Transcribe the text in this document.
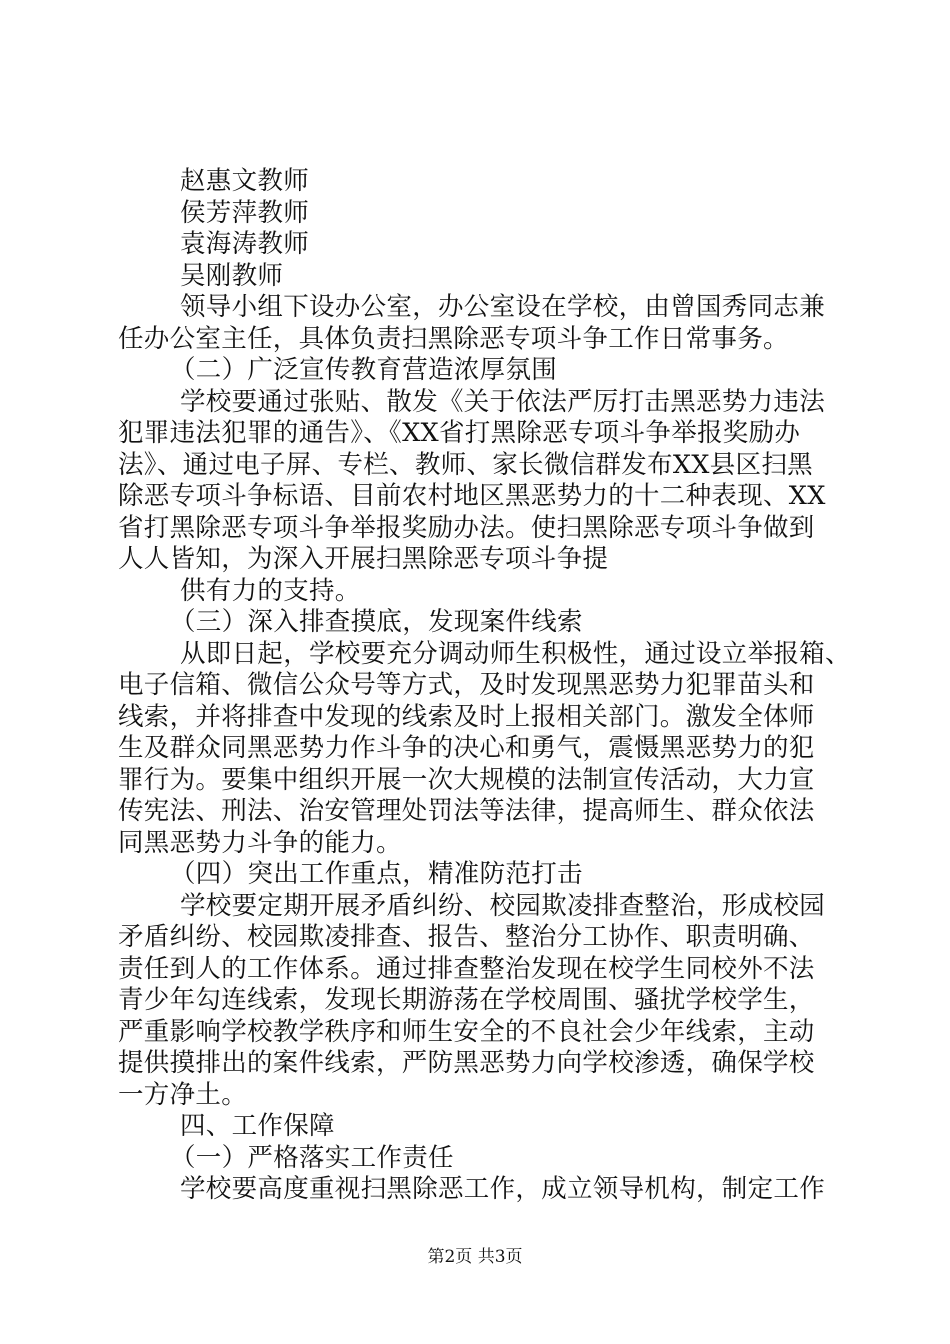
赵惠文教师
侯芳萍教师
袁海涛教师
吴刚教师
领导小组下设办公室，办公室设在学校，由曾国秀同志兼
任办公室主任，具体负责扫黑除恶专项斗争工作日常事务。
（二）广泛宣传教育营造浓厚氛围
学校要通过张贴、散发《关于依法严厉打击黑恶势力违法
犯罪违法犯罪的通告》、《XX省打黑除恶专项斗争举报奖励办
法》、通过电子屏、专栏、教师、家长微信群发布XX县区扫黑
除恶专项斗争标语、目前农村地区黑恶势力的十二种表现、XX
省打黑除恶专项斗争举报奖励办法。使扫黑除恶专项斗争做到
人人皆知，为深入开展扫黑除恶专项斗争提
供有力的支持。
（三）深入排查摸底，发现案件线索
从即日起，学校要充分调动师生积极性，通过设立举报箱、
电子信箱、微信公众号等方式，及时发现黑恶势力犯罪苗头和
线索，并将排查中发现的线索及时上报相关部门。激发全体师
生及群众同黑恶势力作斗争的决心和勇气，震慑黑恶势力的犯
罪行为。要集中组织开展一次大规模的法制宣传活动，大力宣
传宪法、刑法、治安管理处罚法等法律，提高师生、群众依法
同黑恶势力斗争的能力。
（四）突出工作重点，精准防范打击
学校要定期开展矛盾纠纷、校园欺凌排查整治，形成校园
矛盾纠纷、校园欺凌排查、报告、整治分工协作、职责明确、
责任到人的工作体系。通过排查整治发现在校学生同校外不法
青少年勾连线索，发现长期游荡在学校周围、骚扰学校学生，
严重影响学校教学秩序和师生安全的不良社会少年线索，主动
提供摸排出的案件线索，严防黑恶势力向学校渗透，确保学校
一方净土。
四、工作保障
（一）严格落实工作责任
学校要高度重视扫黑除恶工作，成立领导机构，制定工作
第2页 共3页
